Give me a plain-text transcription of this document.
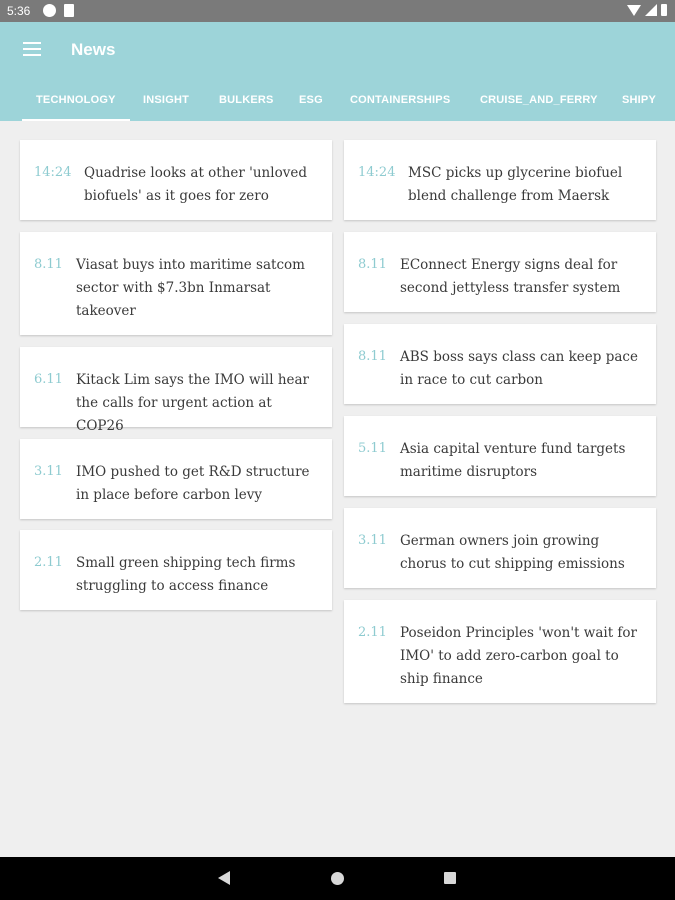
5:36
News
TECHNOLOGY	INSIGHT	BULKERS	ESG	CONTAINERSHIPS	CRUISE_AND_FERRY	SHIPY
14:24 Quadrise looks at other 'unloved biofuels' as it goes for zero
8.11 Viasat buys into maritime satcom sector with $7.3bn Inmarsat takeover
6.11 Kitack Lim says the IMO will hear the calls for urgent action at COP26
3.11 IMO pushed to get R&D structure in place before carbon levy
2.11 Small green shipping tech firms struggling to access finance
14:24 MSC picks up glycerine biofuel blend challenge from Maersk
8.11 EConnect Energy signs deal for second jettyless transfer system
8.11 ABS boss says class can keep pace in race to cut carbon
5.11 Asia capital venture fund targets maritime disruptors
3.11 German owners join growing chorus to cut shipping emissions
2.11 Poseidon Principles 'won't wait for IMO' to add zero-carbon goal to ship finance
